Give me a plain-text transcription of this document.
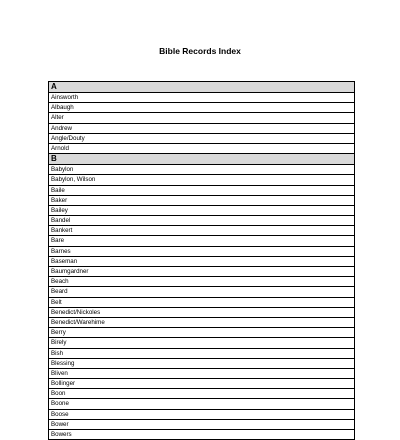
Bible Records Index
A
Ainsworth
Albaugh
Alter
Andrew
Angle/Douty
Arnold
B
Babylon
Babylon, Wilson
Baile
Baker
Bailey
Bandel
Bankert
Bare
Barnes
Baseman
Baumgardner
Beach
Beard
Belt
Benedict/Nickoles
Benedict/Warehime
Berry
Birely
Bish
Blessing
Bliven
Bollinger
Boon
Boone
Boose
Bower
Bowers
